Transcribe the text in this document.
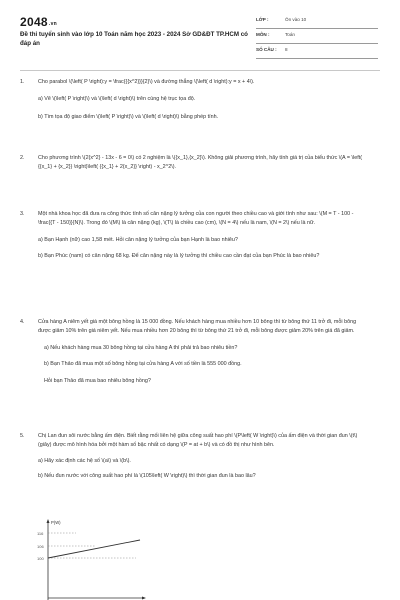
$2048^{.vn}$
Đề thi tuyển sinh vào lớp 10 Toán năm học 2023 - 2024 Sở GD&ĐT TP.HCM có đáp án
LỚP :	Ôn vào 10
MÔN :	Toán
SỐ CÂU : 8
1.	Cho parabol \(\left( P \right):y = \frac{{{x^2}}}{2}\) và đường thẳng \(\left( d \right):y = x + 4\).
a) Vẽ \(\left( P \right)\) và \(\left( d \right)\) trên cùng hệ trục tọa độ.
b) Tìm tọa độ giao điểm \(\left( P \right)\) và \(\left( d \right)\) bằng phép tính.
2.	Cho phương trình \(2{x^2} - 13x - 6 = 0\) có 2 nghiệm là \({x_1},{x_2}\). Không giải phương trình, hãy tính giá trị của biểu thức \(A = \left( {{x_1} + {x_2}} \right)\left( {{x_1} + 2{x_2}} \right) - x_2^2\).
3.	Một nhà khoa học đã đưa ra công thức tính số cân nặng lý tưởng của con người theo chiều cao và giới tính như sau: \(M = T - 100 - \frac{{T - 150}}{N}\). Trong đó \(M\) là cân nặng (kg), \(T\) là chiều cao (cm), \(N = 4\) nếu là nam, \(N = 2\) nếu là nữ.
a) Bạn Hạnh (nữ) cao 1,58 mét. Hỏi cân nặng lý tưởng của bạn Hạnh là bao nhiêu?
b) Bạn Phúc (nam) có cân nặng 68 kg. Để cân nặng này là lý tưởng thì chiều cao cần đạt của bạn Phúc là bao nhiêu?
4.	Cửa hàng A niêm yết giá một bông hồng là 15 000 đồng. Nếu khách hàng mua nhiều hơn 10 bông thì từ bông thứ 11 trở đi, mỗi bông được giảm 10% trên giá niêm yết. Nếu mua nhiều hơn 20 bông thì từ bông thứ 21 trở đi, mỗi bông được giảm 20% trên giá đã giảm.
a) Nếu khách hàng mua 30 bông hồng tại cửa hàng A thì phải trả bao nhiêu tiền?
b) Bạn Thảo đã mua một số bông hồng tại cửa hàng A với số tiền là 555 000 đồng.
Hỏi bạn Thảo đã mua bao nhiêu bông hồng?
5.	Chị Lan đun sôi nước bằng ấm điện. Biết rằng mối liên hệ giữa công suất hao phí \(P\left( W \right)\) của ấm điện và thời gian đun \(t\) (giây) được mô hình hóa bởi một hàm số bậc nhất có dạng \(P = at + b\) và có đồ thị như hình bên.
a) Hãy xác định các hệ số \(a\) và \(b\).
b) Nếu đun nước với công suất hao phí là \(105\left( W \right)\) thì thời gian đun là bao lâu?
P(W)
116
106
100
